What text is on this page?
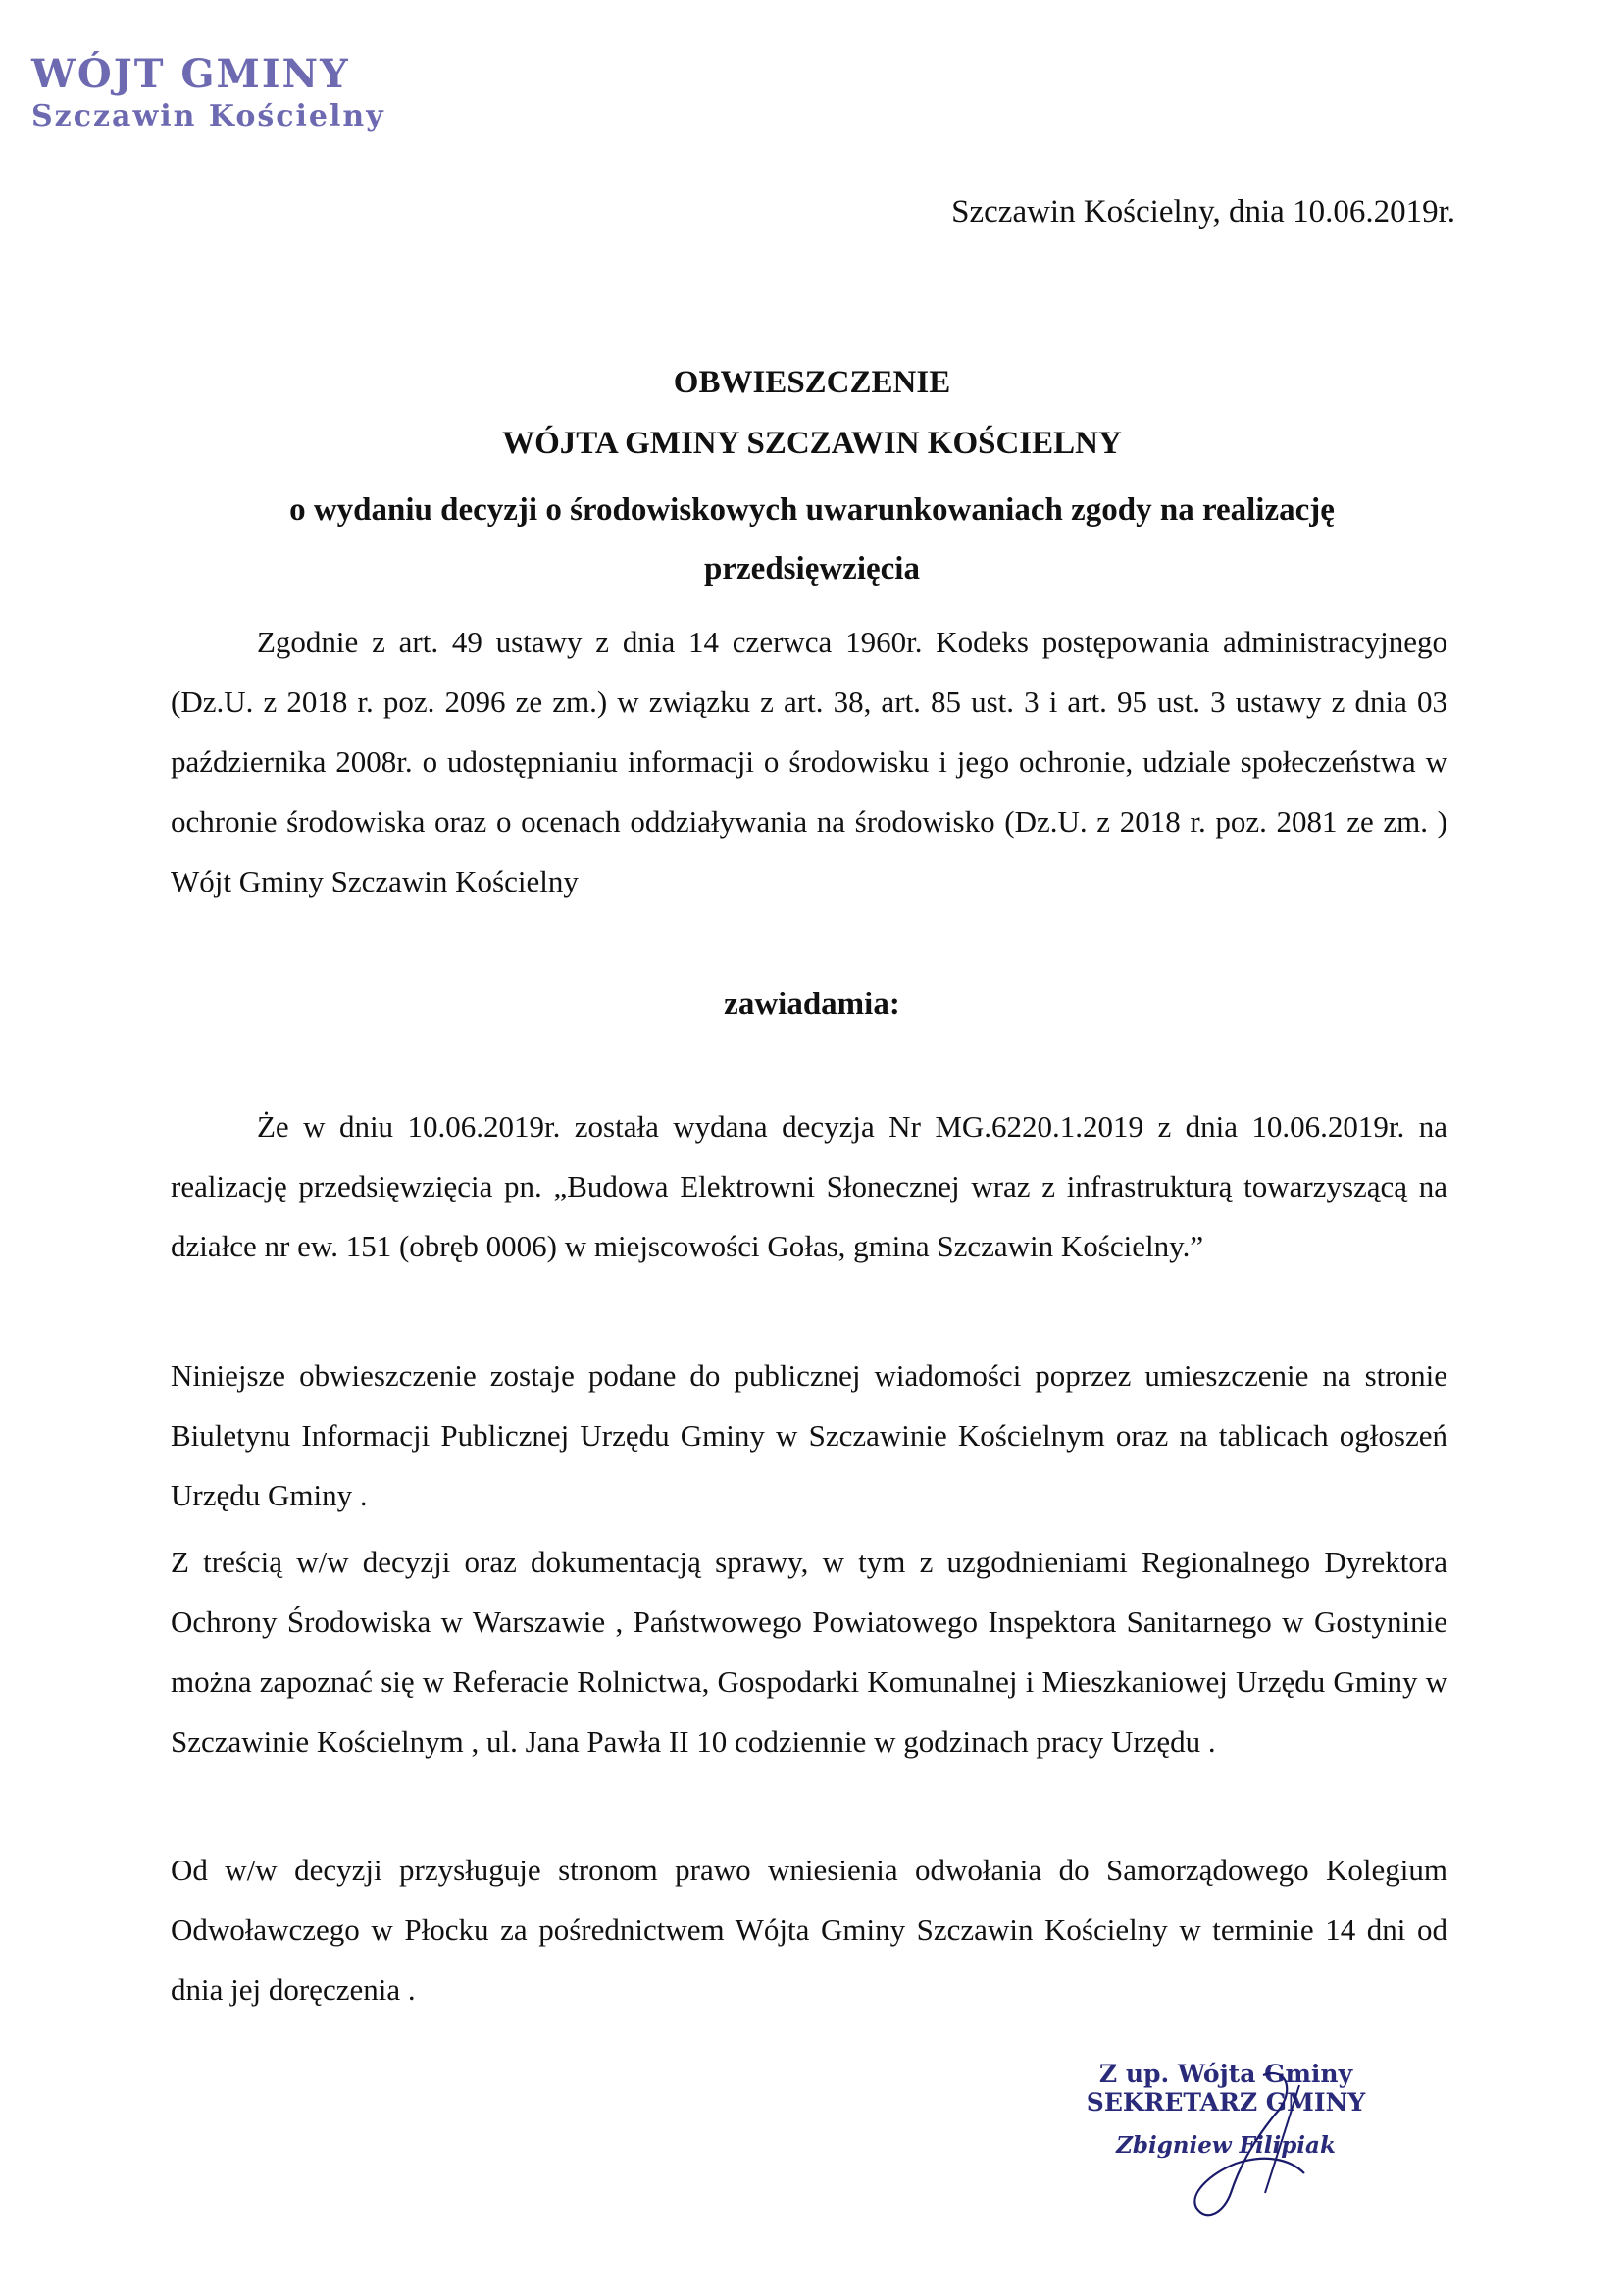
WÓJT GMINY
Szczawin Kościelny
Szczawin Kościelny, dnia 10.06.2019r.
OBWIESZCZENIE
WÓJTA GMINY SZCZAWIN KOŚCIELNY
o wydaniu decyzji o środowiskowych uwarunkowaniach zgody na realizację
przedsięwzięcia

Zgodnie z art. 49 ustawy z dnia 14 czerwca 1960r. Kodeks postępowania administracyjnego (Dz.U. z 2018 r. poz. 2096 ze zm.) w związku z art. 38, art. 85 ust. 3 i art. 95 ust. 3 ustawy z dnia 03 października 2008r. o udostępnianiu informacji o środowisku i jego ochronie, udziale społeczeństwa w ochronie środowiska oraz o ocenach oddziaływania na środowisko (Dz.U. z 2018 r. poz. 2081 ze zm. ) Wójt Gminy Szczawin Kościelny

zawiadamia:

Że w dniu 10.06.2019r. została wydana decyzja Nr MG.6220.1.2019 z dnia 10.06.2019r. na realizację przedsięwzięcia pn. „Budowa Elektrowni Słonecznej wraz z infrastrukturą towarzyszącą na działce nr ew. 151 (obręb 0006) w miejscowości Gołas, gmina Szczawin Kościelny.”

Niniejsze obwieszczenie zostaje podane do publicznej wiadomości poprzez umieszczenie na stronie Biuletynu Informacji Publicznej Urzędu Gminy w Szczawinie Kościelnym oraz na tablicach ogłoszeń Urzędu Gminy .

Z treścią w/w decyzji oraz dokumentacją sprawy, w tym z uzgodnieniami Regionalnego Dyrektora Ochrony Środowiska w Warszawie , Państwowego Powiatowego Inspektora Sanitarnego w Gostyninie można zapoznać się w Referacie Rolnictwa, Gospodarki Komunalnej i Mieszkaniowej Urzędu Gminy w Szczawinie Kościelnym , ul. Jana Pawła II 10 codziennie w godzinach pracy Urzędu .

Od w/w decyzji przysługuje stronom prawo wniesienia odwołania do Samorządowego Kolegium Odwoławczego w Płocku za pośrednictwem Wójta Gminy Szczawin Kościelny w terminie 14 dni od dnia jej doręczenia .

Z up. Wójta Gminy
SEKRETARZ GMINY
Zbigniew Filipiak
